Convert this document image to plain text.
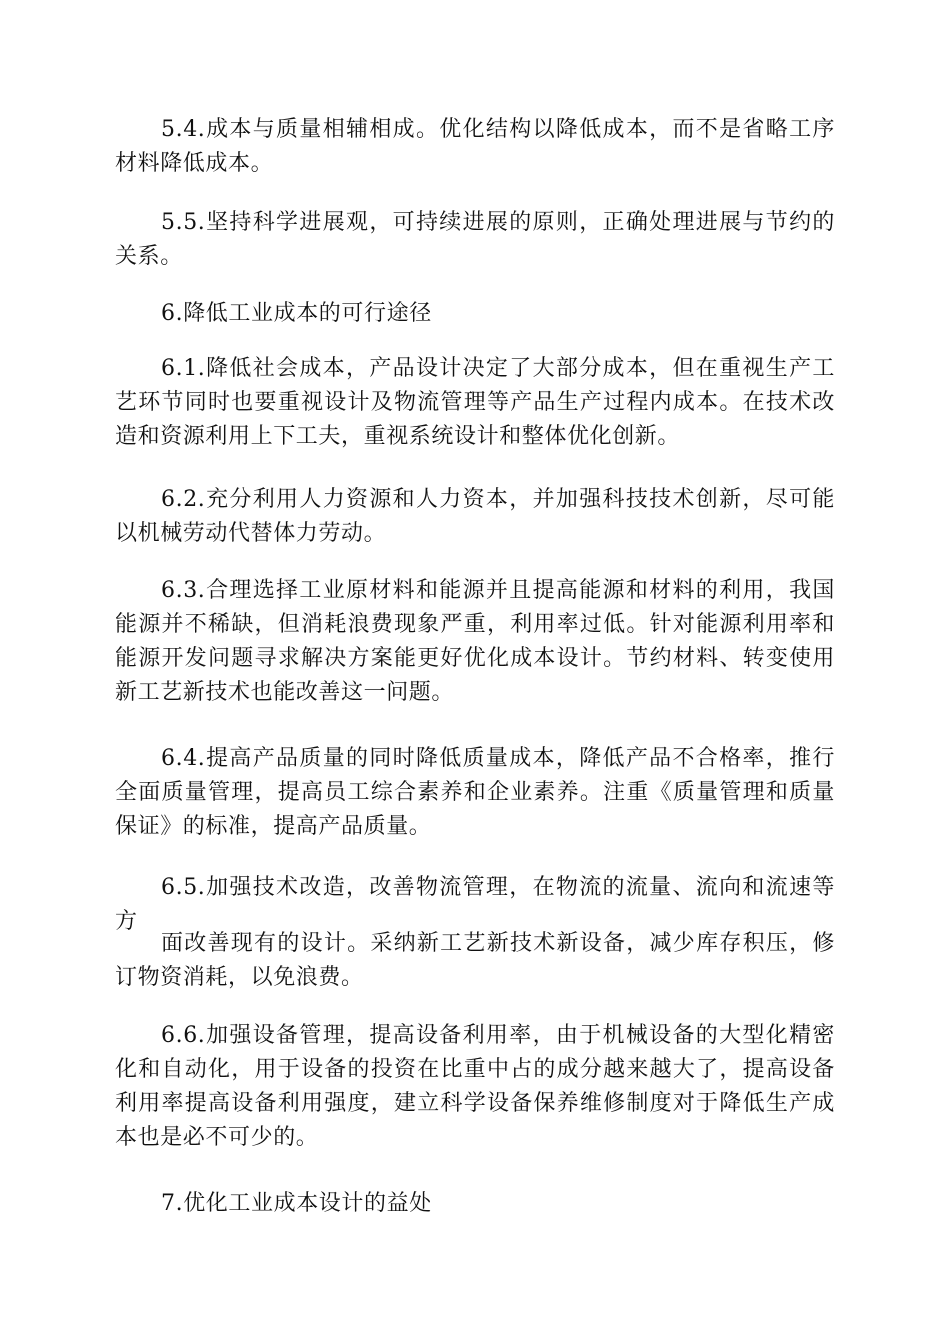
5.4.成本与质量相辅相成。优化结构以降低成本，而不是省略工序材料降低成本。

5.5.坚持科学进展观，可持续进展的原则，正确处理进展与节约的关系。

6.降低工业成本的可行途径

6.1.降低社会成本，产品设计决定了大部分成本，但在重视生产工艺环节同时也要重视设计及物流管理等产品生产过程内成本。在技术改造和资源利用上下工夫，重视系统设计和整体优化创新。

6.2.充分利用人力资源和人力资本，并加强科技技术创新，尽可能以机械劳动代替体力劳动。

6.3.合理选择工业原材料和能源并且提高能源和材料的利用，我国能源并不稀缺，但消耗浪费现象严重，利用率过低。针对能源利用率和能源开发问题寻求解决方案能更好优化成本设计。节约材料、转变使用新工艺新技术也能改善这一问题。

6.4.提高产品质量的同时降低质量成本，降低产品不合格率，推行全面质量管理，提高员工综合素养和企业素养。注重《质量管理和质量保证》的标准，提高产品质量。

6.5.加强技术改造，改善物流管理，在物流的流量、流向和流速等方

面改善现有的设计。采纳新工艺新技术新设备，减少库存积压，修订物资消耗，以免浪费。

6.6.加强设备管理，提高设备利用率，由于机械设备的大型化精密化和自动化，用于设备的投资在比重中占的成分越来越大了，提高设备利用率提高设备利用强度，建立科学设备保养维修制度对于降低生产成本也是必不可少的。

7.优化工业成本设计的益处
